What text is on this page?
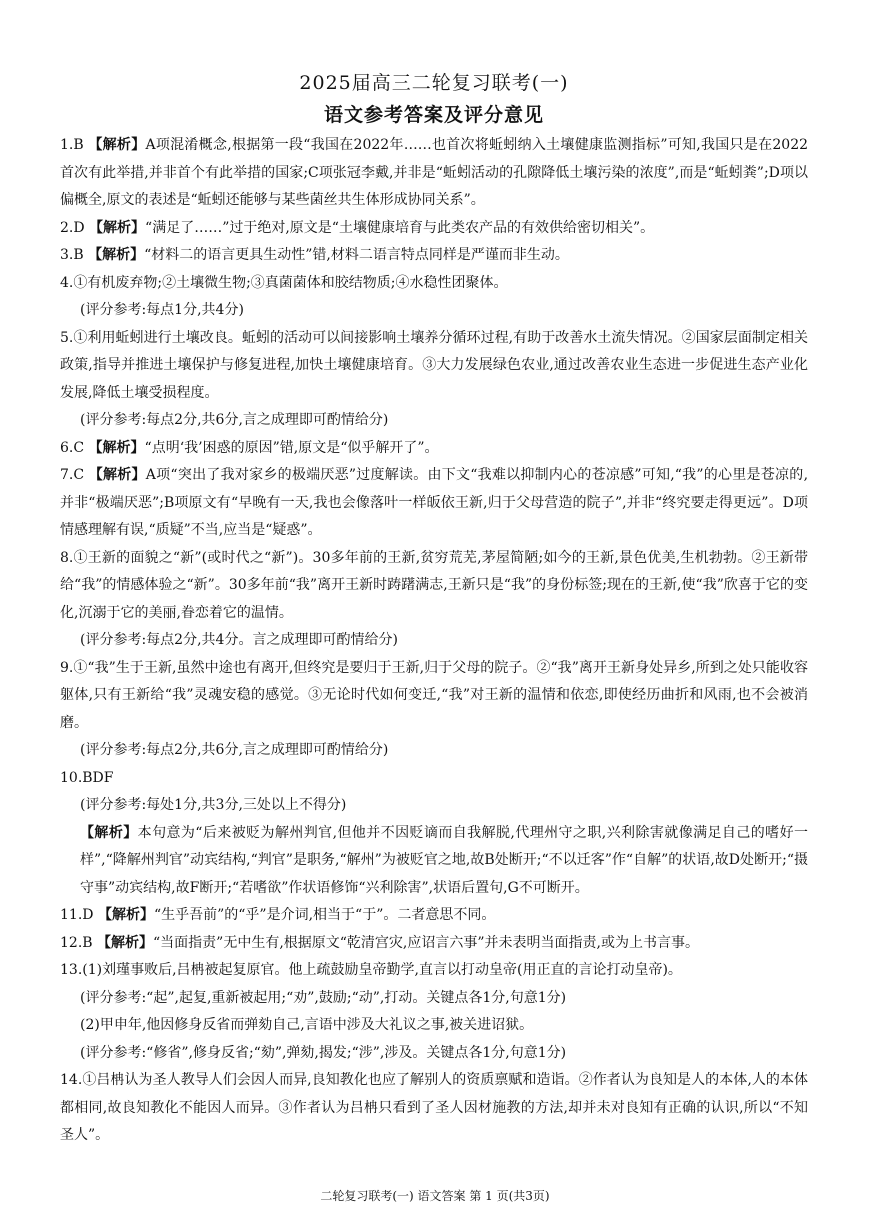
2025届高三二轮复习联考(一)
语文参考答案及评分意见

1.B 【解析】A项混淆概念,根据第一段“我国在2022年……也首次将蚯蚓纳入土壤健康监测指标”可知,我国只是在2022首次有此举措,并非首个有此举措的国家;C项张冠李戴,并非是“蚯蚓活动的孔隙降低土壤污染的浓度”,而是“蚯蚓粪”;D项以偏概全,原文的表述是“蚯蚓还能够与某些菌丝共生体形成协同关系”。

2.D 【解析】“满足了……”过于绝对,原文是“土壤健康培育与此类农产品的有效供给密切相关”。

3.B 【解析】“材料二的语言更具生动性”错,材料二语言特点同样是严谨而非生动。

4.①有机废弃物;②土壤微生物;③真菌菌体和胶结物质;④水稳性团聚体。

(评分参考:每点1分,共4分)

5.①利用蚯蚓进行土壤改良。蚯蚓的活动可以间接影响土壤养分循环过程,有助于改善水土流失情况。②国家层面制定相关政策,指导并推进土壤保护与修复进程,加快土壤健康培育。③大力发展绿色农业,通过改善农业生态进一步促进生态产业化发展,降低土壤受损程度。

(评分参考:每点2分,共6分,言之成理即可酌情给分)

6.C 【解析】“点明‘我’困惑的原因”错,原文是“似乎解开了”。

7.C 【解析】A项“突出了我对家乡的极端厌恶”过度解读。由下文“我难以抑制内心的苍凉感”可知,“我”的心里是苍凉的,并非“极端厌恶”;B项原文有“早晚有一天,我也会像落叶一样皈依王新,归于父母营造的院子”,并非“终究要走得更远”。D项情感理解有误,“质疑”不当,应当是“疑惑”。

8.①王新的面貌之“新”(或时代之“新”)。30多年前的王新,贫穷荒芜,茅屋简陋;如今的王新,景色优美,生机勃勃。②王新带给“我”的情感体验之“新”。30多年前“我”离开王新时踌躇满志,王新只是“我”的身份标签;现在的王新,使“我”欣喜于它的变化,沉溺于它的美丽,眷恋着它的温情。

(评分参考:每点2分,共4分。言之成理即可酌情给分)

9.①“我”生于王新,虽然中途也有离开,但终究是要归于王新,归于父母的院子。②“我”离开王新身处异乡,所到之处只能收容躯体,只有王新给“我”灵魂安稳的感觉。③无论时代如何变迁,“我”对王新的温情和依恋,即使经历曲折和风雨,也不会被消磨。

(评分参考:每点2分,共6分,言之成理即可酌情给分)

10.BDF

(评分参考:每处1分,共3分,三处以上不得分)

【解析】本句意为“后来被贬为解州判官,但他并不因贬谪而自我解脱,代理州守之职,兴利除害就像满足自己的嗜好一样”,“降解州判官”动宾结构,“判官”是职务,“解州”为被贬官之地,故B处断开;“不以迁客”作“自解”的状语,故D处断开;“摄守事”动宾结构,故F断开;“若嗜欲”作状语修饰“兴利除害”,状语后置句,G不可断开。

11.D 【解析】“生乎吾前”的“乎”是介词,相当于“于”。二者意思不同。

12.B 【解析】“当面指责”无中生有,根据原文“乾清宫灾,应诏言六事”并未表明当面指责,或为上书言事。

13.(1)刘瑾事败后,吕柟被起复原官。他上疏鼓励皇帝勤学,直言以打动皇帝(用正直的言论打动皇帝)。

(评分参考:“起”,起复,重新被起用;“劝”,鼓励;“动”,打动。关键点各1分,句意1分)

(2)甲申年,他因修身反省而弹劾自己,言语中涉及大礼议之事,被关进诏狱。

(评分参考:“修省”,修身反省;“劾”,弹劾,揭发;“涉”,涉及。关键点各1分,句意1分)

14.①吕柟认为圣人教导人们会因人而异,良知教化也应了解别人的资质禀赋和造诣。②作者认为良知是人的本体,人的本体都相同,故良知教化不能因人而异。③作者认为吕柟只看到了圣人因材施教的方法,却并未对良知有正确的认识,所以“不知圣人”。

二轮复习联考(一) 语文答案 第 1 页(共3页)
